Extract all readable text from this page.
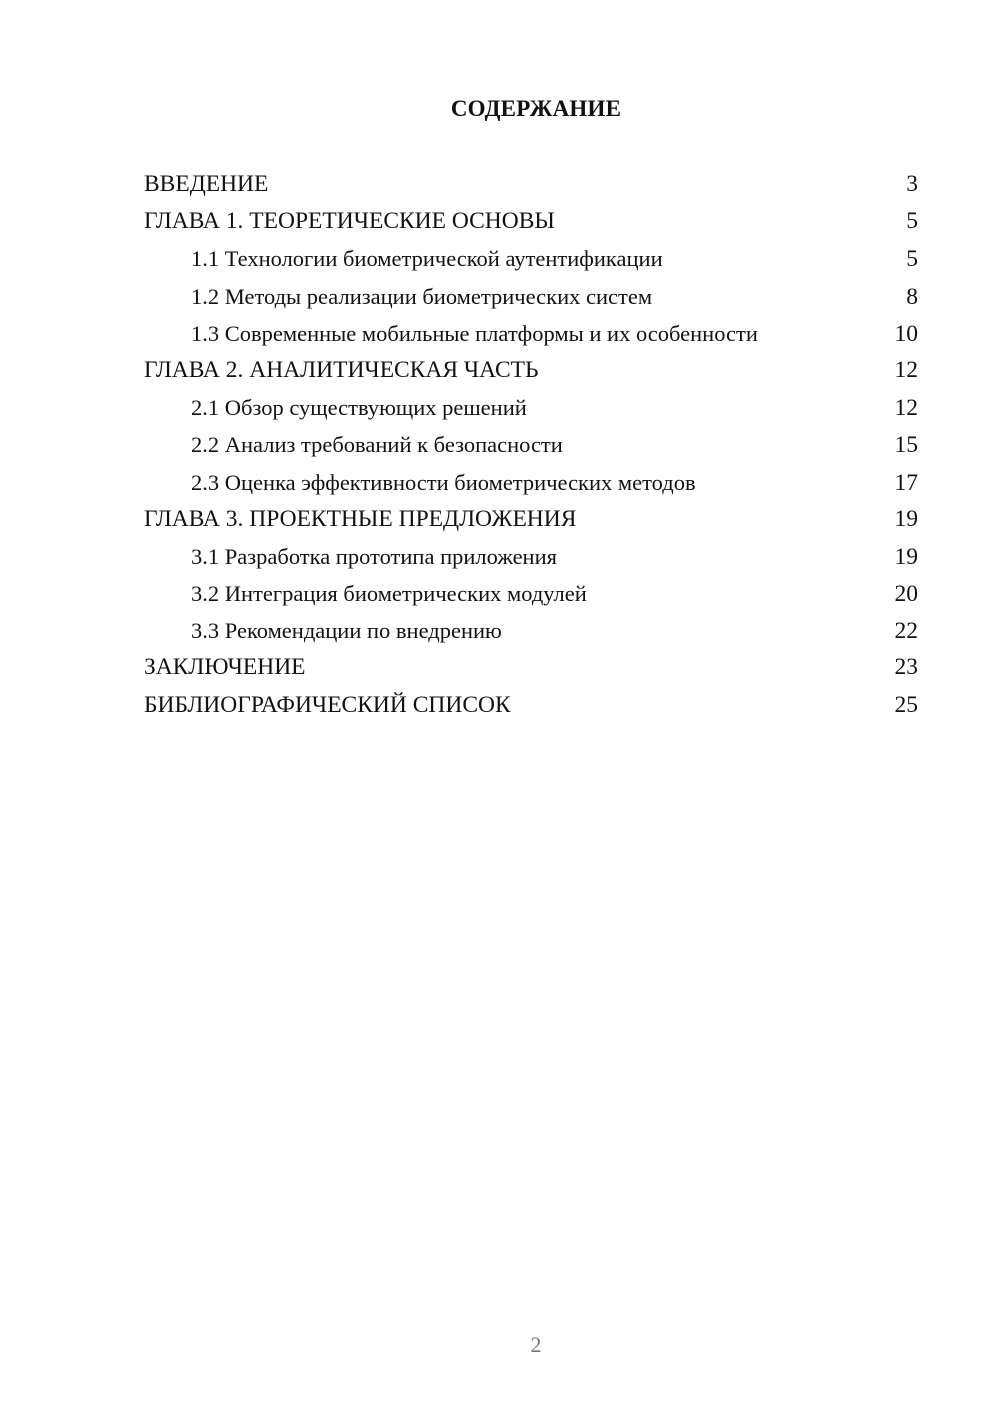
СОДЕРЖАНИЕ
ВВЕДЕНИЕ	3
ГЛАВА 1. ТЕОРЕТИЧЕСКИЕ ОСНОВЫ	5
1.1 Технологии биометрической аутентификации	5
1.2 Методы реализации биометрических систем	8
1.3 Современные мобильные платформы и их особенности	10
ГЛАВА 2. АНАЛИТИЧЕСКАЯ ЧАСТЬ	12
2.1 Обзор существующих решений	12
2.2 Анализ требований к безопасности	15
2.3 Оценка эффективности биометрических методов	17
ГЛАВА 3. ПРОЕКТНЫЕ ПРЕДЛОЖЕНИЯ	19
3.1 Разработка прототипа приложения	19
3.2 Интеграция биометрических модулей	20
3.3 Рекомендации по внедрению	22
ЗАКЛЮЧЕНИЕ	23
БИБЛИОГРАФИЧЕСКИЙ СПИСОК	25
2
